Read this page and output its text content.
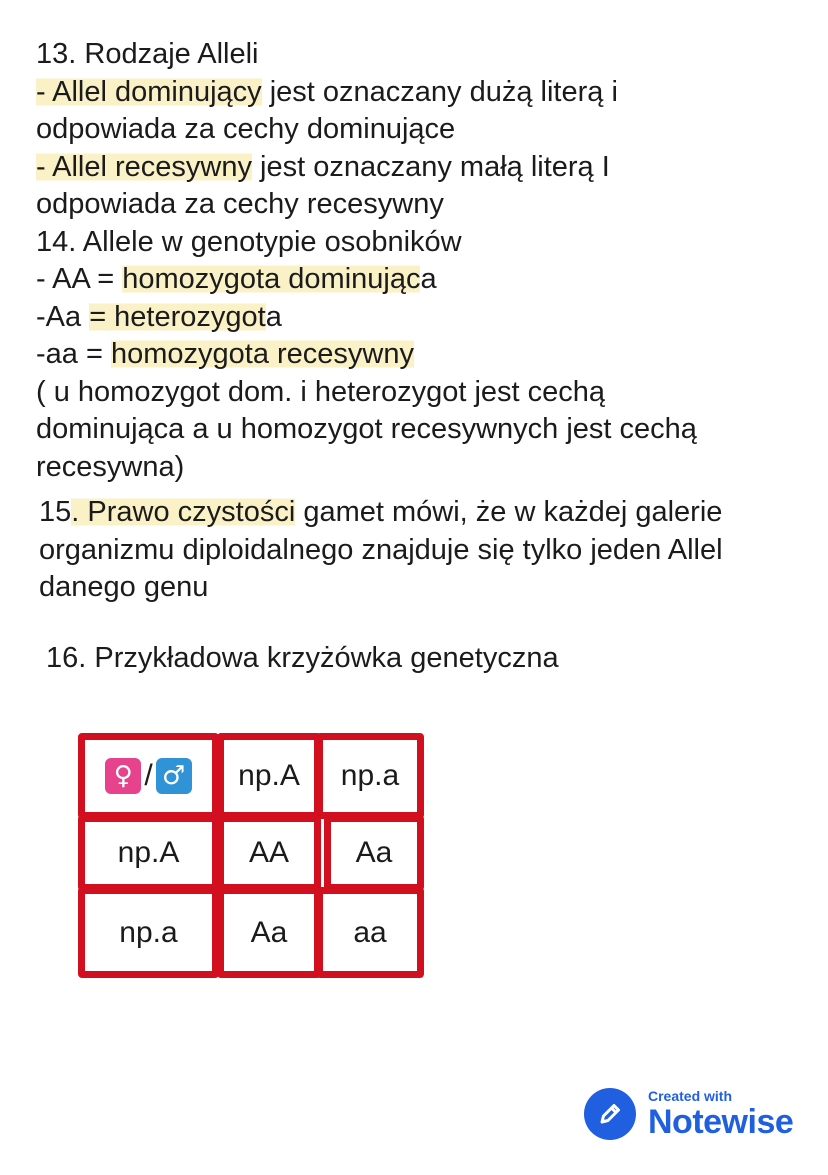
13. Rodzaje Alleli
- Allel dominujący jest oznaczany dużą literą i
odpowiada za cechy dominujące
- Allel recesywny jest oznaczany małą literą I
odpowiada za cechy recesywny
14. Allele w genotypie osobników
- AA = homozygota dominująca
-Aa = heterozygota
-aa = homozygota recesywny
( u homozygot dom. i heterozygot jest cechą
dominująca a u homozygot recesywnych jest cechą
recesywna)
15. Prawo czystości gamet mówi, że w każdej galerie
organizmu diploidalnego znajduje się tylko jeden Allel
danego genu
16. Przykładowa krzyżówka genetyczna
♀ / ♂	np.A	np.a
np.A	AA	Aa
np.a	Aa	aa
Created with
Notewise
